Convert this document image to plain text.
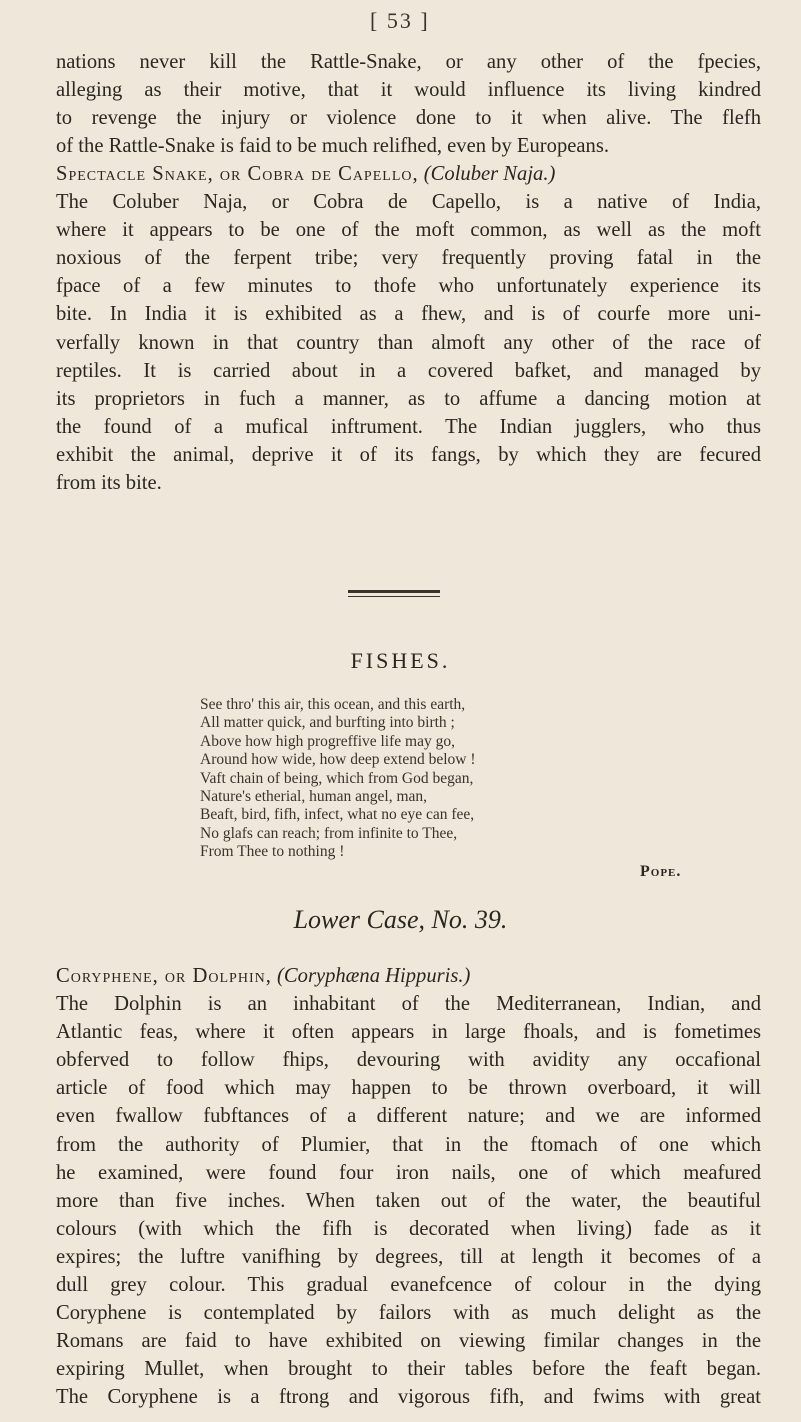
[ 53 ]
nations never kill the Rattle-Snake, or any other of the fpecies,
alleging as their motive, that it would influence its living kindred
to revenge the injury or violence done to it when alive. The flefh
of the Rattle-Snake is faid to be much relifhed, even by Europeans.
Spectacle Snake, or Cobra de Capello, (Coluber Naja.)
The Coluber Naja, or Cobra de Capello, is a native of India,
where it appears to be one of the moft common, as well as the moft
noxious of the ferpent tribe; very frequently proving fatal in the
fpace of a few minutes to thofe who unfortunately experience its
bite. In India it is exhibited as a fhew, and is of courfe more uni-
verfally known in that country than almoft any other of the race of
reptiles. It is carried about in a covered bafket, and managed by
its proprietors in fuch a manner, as to affume a dancing motion at
the found of a mufical inftrument. The Indian jugglers, who thus
exhibit the animal, deprive it of its fangs, by which they are fecured
from its bite.
FISHES.
See thro' this air, this ocean, and this earth,
All matter quick, and burfting into birth ;
Above how high progreffive life may go,
Around how wide, how deep extend below !
Vaft chain of being, which from God began,
Nature's etherial, human angel, man,
Beaft, bird, fifh, infect, what no eye can fee,
No glafs can reach; from infinite to Thee,
From Thee to nothing !
Pope.
Lower Case, No. 39.
Coryphene, or Dolphin, (Coryphæna Hippuris.)
The Dolphin is an inhabitant of the Mediterranean, Indian, and
Atlantic feas, where it often appears in large fhoals, and is fometimes
obferved to follow fhips, devouring with avidity any occafional
article of food which may happen to be thrown overboard, it will
even fwallow fubftances of a different nature; and we are informed
from the authority of Plumier, that in the ftomach of one which
he examined, were found four iron nails, one of which meafured
more than five inches. When taken out of the water, the beautiful
colours (with which the fifh is decorated when living) fade as it
expires; the luftre vanifhing by degrees, till at length it becomes of a
dull grey colour. This gradual evanefcence of colour in the dying
Coryphene is contemplated by failors with as much delight as the
Romans are faid to have exhibited on viewing fimilar changes in the
expiring Mullet, when brought to their tables before the feaft began.
The Coryphene is a ftrong and vigorous fifh, and fwims with great
